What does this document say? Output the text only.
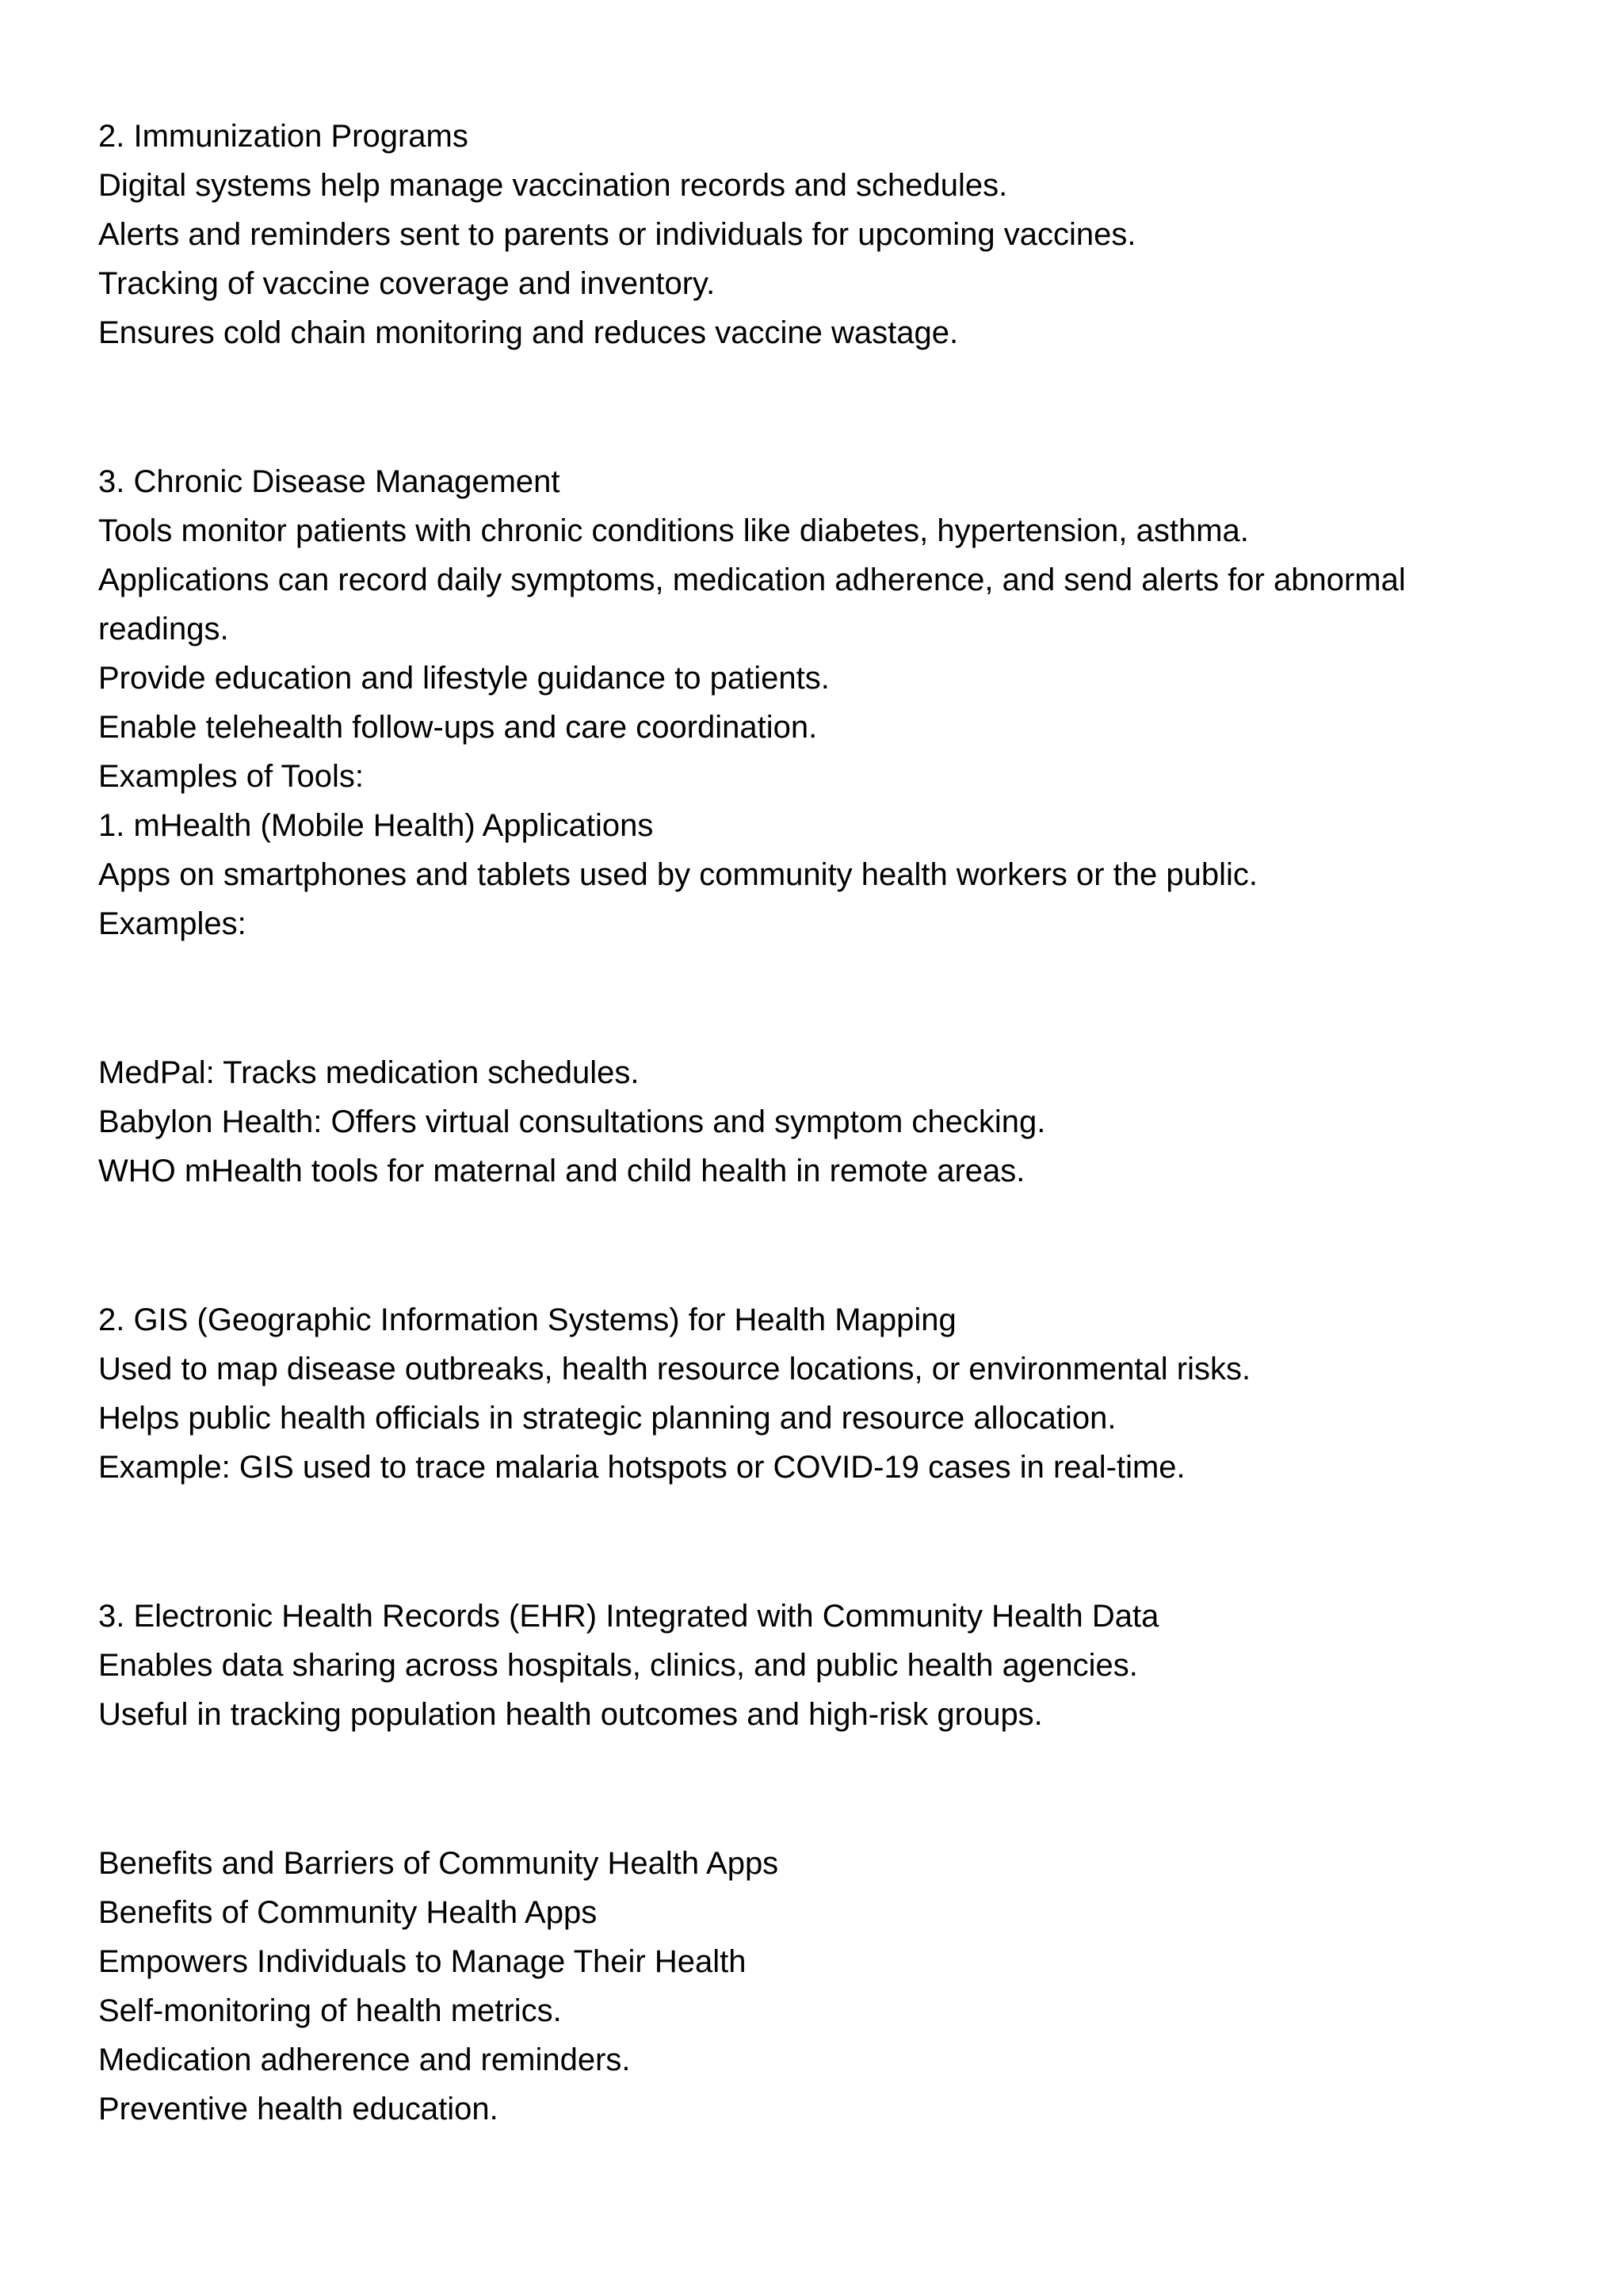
2. Immunization Programs

Digital systems help manage vaccination records and schedules.

Alerts and reminders sent to parents or individuals for upcoming vaccines.

Tracking of vaccine coverage and inventory.

Ensures cold chain monitoring and reduces vaccine wastage.

3. Chronic Disease Management

Tools monitor patients with chronic conditions like diabetes, hypertension, asthma.

Applications can record daily symptoms, medication adherence, and send alerts for abnormal

readings.

Provide education and lifestyle guidance to patients.

Enable telehealth follow-ups and care coordination.

Examples of Tools:

1. mHealth (Mobile Health) Applications

Apps on smartphones and tablets used by community health workers or the public.

Examples:

MedPal: Tracks medication schedules.

Babylon Health: Offers virtual consultations and symptom checking.

WHO mHealth tools for maternal and child health in remote areas.

2. GIS (Geographic Information Systems) for Health Mapping

Used to map disease outbreaks, health resource locations, or environmental risks.

Helps public health officials in strategic planning and resource allocation.

Example: GIS used to trace malaria hotspots or COVID-19 cases in real-time.

3. Electronic Health Records (EHR) Integrated with Community Health Data

Enables data sharing across hospitals, clinics, and public health agencies.

Useful in tracking population health outcomes and high-risk groups.

Benefits and Barriers of Community Health Apps

Benefits of Community Health Apps

Empowers Individuals to Manage Their Health

Self-monitoring of health metrics.

Medication adherence and reminders.

Preventive health education.
